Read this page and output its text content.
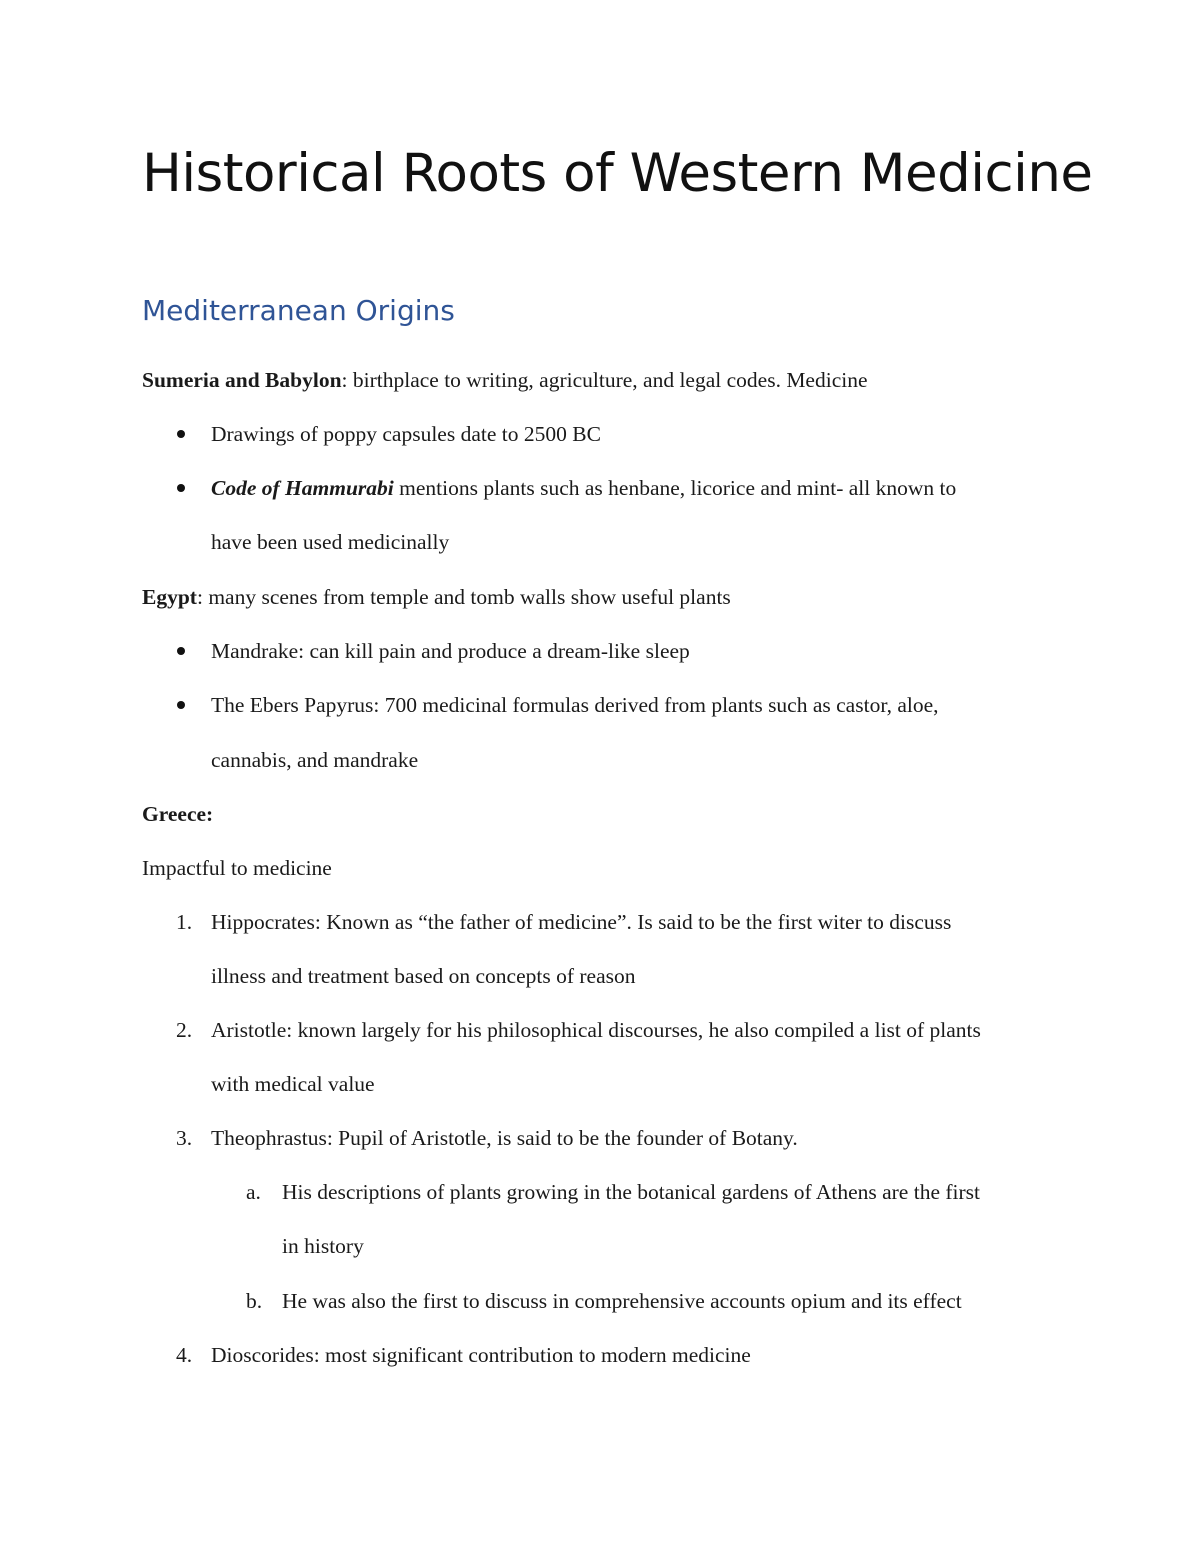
Historical Roots of Western Medicine
Mediterranean Origins
Sumeria and Babylon: birthplace to writing, agriculture, and legal codes. Medicine
Drawings of poppy capsules date to 2500 BC
Code of Hammurabi mentions plants such as henbane, licorice and mint- all known to
have been used medicinally
Egypt: many scenes from temple and tomb walls show useful plants
Mandrake: can kill pain and produce a dream-like sleep
The Ebers Papyrus: 700 medicinal formulas derived from plants such as castor, aloe,
cannabis, and mandrake
Greece:
Impactful to medicine
1. Hippocrates: Known as “the father of medicine”. Is said to be the first witer to discuss
illness and treatment based on concepts of reason
2. Aristotle: known largely for his philosophical discourses, he also compiled a list of plants
with medical value
3. Theophrastus: Pupil of Aristotle, is said to be the founder of Botany.
a. His descriptions of plants growing in the botanical gardens of Athens are the first
in history
b. He was also the first to discuss in comprehensive accounts opium and its effect
4. Dioscorides: most significant contribution to modern medicine
